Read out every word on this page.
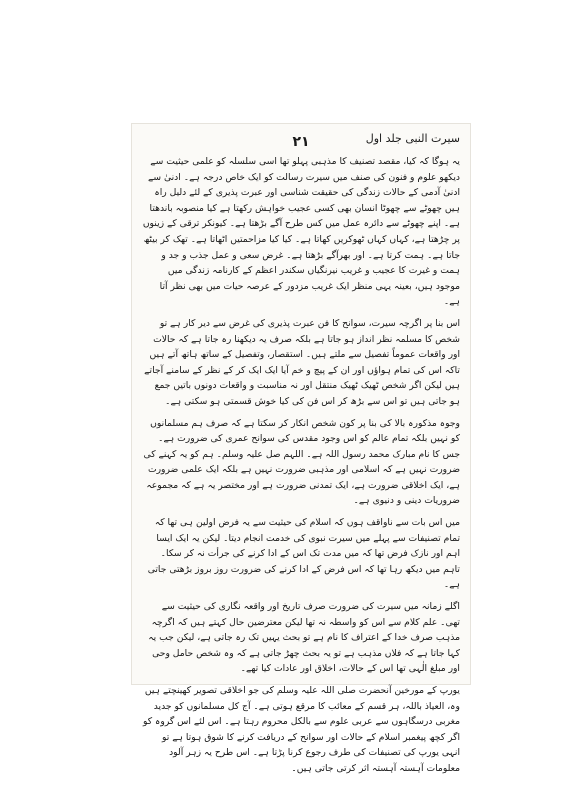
سیرت النبی جلد اول
۲۱

یہ ہوگا کہ کیا، مقصد تصنیف کا مذہبی پہلو تھا اسی سلسلہ کو علمی حیثیت سے دیکھو علوم و فنون کی صنف میں سیرت رسالت کو ایک خاص درجہ ہے۔ ادنیٰ سے ادنیٰ آدمی کے حالات زندگی کی حقیقت شناسی اور عبرت پذیری کے لئے دلیل راہ ہیں چھوٹے سے چھوٹا انسان بھی کسی عجیب خواہش رکھتا ہے کیا منصوبہ باندھتا ہے۔ اپنے چھوٹے سے دائرہ عمل میں کس طرح آگے بڑھتا ہے۔ کیونکر ترقی کے زینوں پر چڑھتا ہے، کہاں کہاں ٹھوکریں کھاتا ہے۔ کیا کیا مزاحمتیں اٹھاتا ہے۔ تھک کر بیٹھ جاتا ہے۔ ہمت کرتا ہے۔ اور بھرآگے بڑھتا ہے۔ غرض سعی و عمل جذب و جد و ہمت و غیرت کا عجیب و غریب نیرنگیاں سکندر اعظم کے کارنامہ زندگی میں موجود ہیں، بعینہ یہی منظر ایک غریب مزدور کے عرصہ حیات میں بھی نظر آتا ہے۔

اس بنا پر اگرچہ سیرت، سوانح کا فن عبرت پذیری کی غرض سے دیر کار ہے تو شخص کا مسلمہ نظر انداز ہو جاتا ہے بلکہ صرف یہ دیکھنا رہ جاتا ہے کہ حالات اور واقعات عموماً تفصیل سے ملتے ہیں۔ استقصار، وتفصیل کے ساتھ ہاتھ آتے ہیں تاکہ اس کی تمام ہواؤں اور ان کے پیچ و خم آیا ایک ایک کر کے نظر کے سامنے آجاتے ہیں لیکن اگر شخص ٹھیک ٹھیک منتقل اور نہ مناسبت و واقعات دونوں باتیں جمع ہو جاتی ہیں تو اس سے بڑھ کر اس فن کی کیا خوش قسمتی ہو سکتی ہے۔

وجوہ مذکورہ بالا کی بنا پر کون شخص انکار کر سکتا ہے کہ صرف ہم مسلمانوں کو نہیں بلکہ تمام عالم کو اس وجود مقدس کی سوانح عمری کی ضرورت ہے۔ جس کا نام مبارک محمد رسول اللہ ہے۔ اللہم صل علیہ وسلم۔ ہم کو یہ کہنے کی ضرورت نہیں ہے کہ اسلامی اور مذہبی ضرورت نہیں ہے بلکہ ایک علمی ضرورت ہے، ایک اخلاقی ضرورت ہے، ایک تمدنی ضرورت ہے اور مختصر یہ ہے کہ مجموعہ ضروریات دینی و دنیوی ہے۔

میں اس بات سے ناواقف ہوں کہ اسلام کی حیثیت سے یہ فرض اولین ہی تھا کہ تمام تصنیفات سے پہلے میں سیرت نبوی کی خدمت انجام دیتا۔ لیکن یہ ایک ایسا اہم اور نازک فرض تھا کہ میں مدت تک اس کے ادا کرنے کی جرأت نہ کر سکا۔ تاہم میں دیکھ رہا تھا کہ اس فرض کے ادا کرنے کی ضرورت روز بروز بڑھتی جاتی ہے۔

اگلے زمانہ میں سیرت کی ضرورت صرف تاریخ اور واقعہ نگاری کی حیثیت سے تھی۔ علم کلام سے اس کو واسطہ نہ تھا لیکن معترضین حال کہتے ہیں کہ اگرچہ مذہب صرف خدا کے اعتراف کا نام ہے تو بحث یہیں تک رہ جاتی ہے، لیکن جب یہ کہا جاتا ہے کہ فلاں مذہب ہے تو یہ بحث چھڑ جاتی ہے کہ وہ شخص حامل وحی اور مبلغ الٰہی تھا اس کے حالات، اخلاق اور عادات کیا تھے۔

یورپ کے مورخین آنحضرت صلی اللہ علیہ وسلم کی جو اخلاقی تصویر کھینچتے ہیں وہ، العیاذ باللہ، ہر قسم کے معائب کا مرقع ہوتی ہے۔ آج کل مسلمانوں کو جدید مغربی درسگاہوں سے عربی علوم سے بالکل محروم رہتا ہے۔ اس لئے اس گروہ کو اگر کچھ پیغمبر اسلام کے حالات اور سوانح کے دریافت کرنے کا شوق ہوتا ہے تو انہی یورپ کی تصنیفات کی طرف رجوع کرنا پڑتا ہے۔ اس طرح یہ زہر آلود معلومات آہستہ آہستہ اثر کرتی جاتی ہیں۔
